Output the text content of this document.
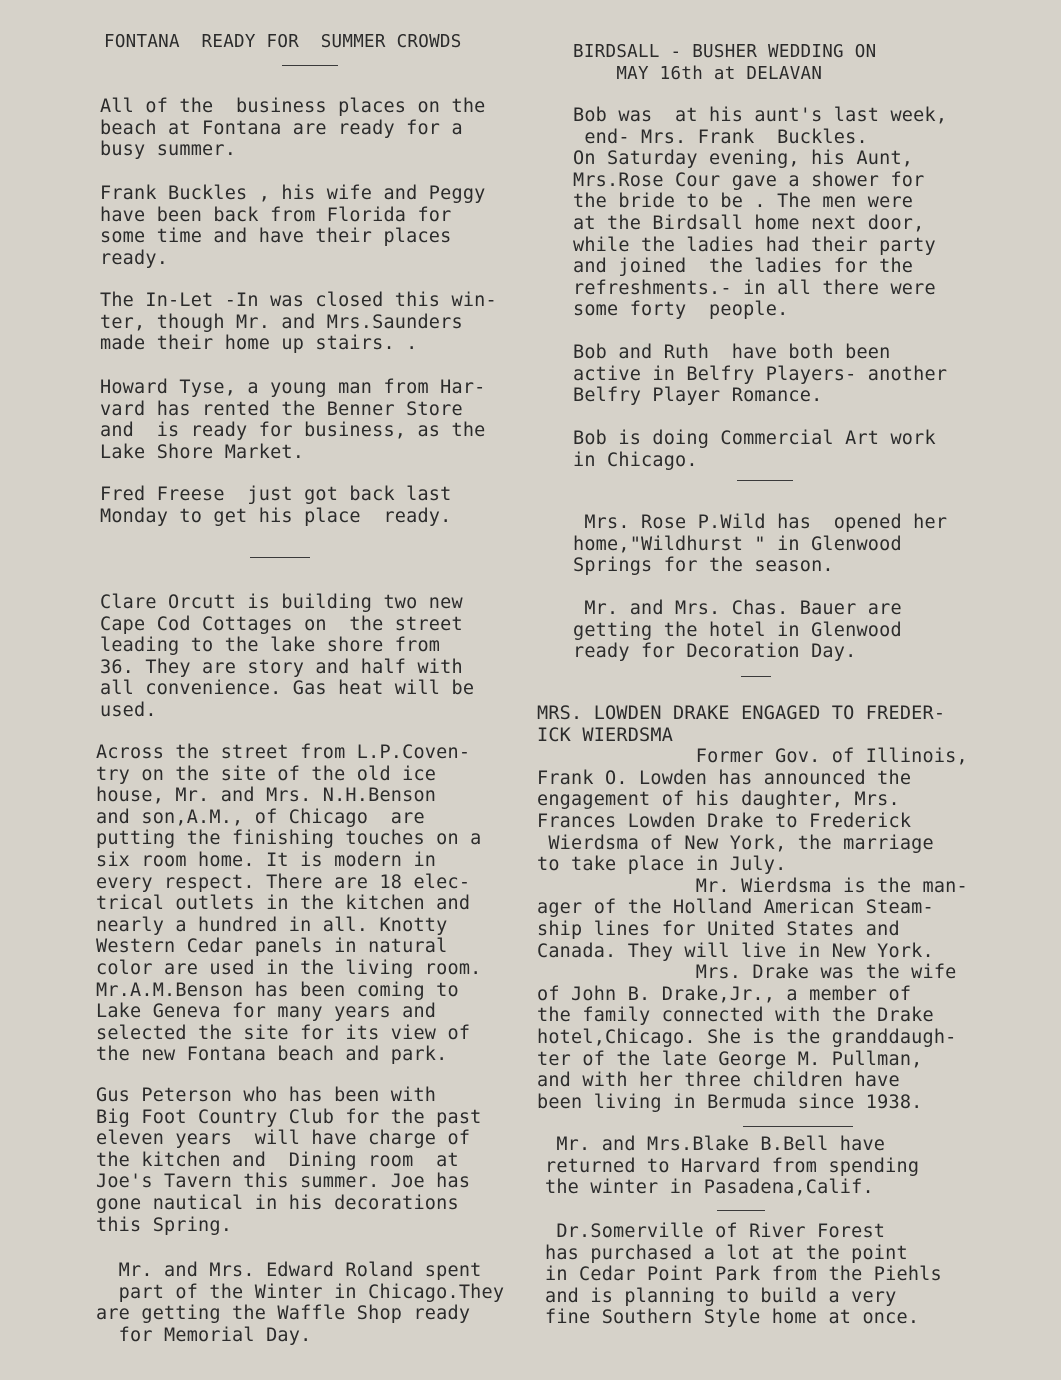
FONTANA  READY FOR  SUMMER CROWDS
All of the  business places on the
beach at Fontana are ready for a
busy summer.
Frank Buckles , his wife and Peggy
have been back from Florida for
some time and have their places
ready.
The In-Let -In was closed this win-
ter, though Mr. and Mrs.Saunders
made their home up stairs. .
Howard Tyse, a young man from Har-
vard has rented the Benner Store
and  is ready for business, as the
Lake Shore Market.
Fred Freese  just got back last
Monday to get his place  ready.
Clare Orcutt is building two new
Cape Cod Cottages on  the street
leading to the lake shore from
36. They are story and half with
all convenience. Gas heat will be
used.
Across the street from L.P.Coven-
try on the site of the old ice
house, Mr. and Mrs. N.H.Benson
and son,A.M., of Chicago  are
putting the finishing touches on a
six room home. It is modern in
every respect. There are 18 elec-
trical outlets in the kitchen and
nearly a hundred in all. Knotty
Western Cedar panels in natural
color are used in the living room.
Mr.A.M.Benson has been coming to
Lake Geneva for many years and
selected the site for its view of
the new Fontana beach and park.
Gus Peterson who has been with
Big Foot Country Club for the past
eleven years  will have charge of
the kitchen and  Dining room  at
Joe's Tavern this summer. Joe has
gone nautical in his decorations
this Spring.
Mr. and Mrs. Edward Roland spent
part of the Winter in Chicago.They
are getting the Waffle Shop ready
for Memorial Day.
BIRDSALL - BUSHER WEDDING ON
MAY 16th at DELAVAN
Bob was  at his aunt's last week,
end- Mrs. Frank  Buckles.
On Saturday evening, his Aunt,
Mrs.Rose Cour gave a shower for
the bride to be . The men were
at the Birdsall home next door,
while the ladies had their party
and joined  the ladies for the
refreshments.- in all there were
some forty  people.
Bob and Ruth  have both been
active in Belfry Players- another
Belfry Player Romance.
Bob is doing Commercial Art work
in Chicago.
Mrs. Rose P.Wild has  opened her
home,"Wildhurst " in Glenwood
Springs for the season.
Mr. and Mrs. Chas. Bauer are
getting the hotel in Glenwood
ready for Decoration Day.
MRS. LOWDEN DRAKE ENGAGED TO FREDER-
ICK WIERDSMA
Former Gov. of Illinois,
Frank O. Lowden has announced the
engagement of his daughter, Mrs.
Frances Lowden Drake to Frederick
Wierdsma of New York, the marriage
to take place in July.
Mr. Wierdsma is the man-
ager of the Holland American Steam-
ship lines for United States and
Canada. They will live in New York.
Mrs. Drake was the wife
of John B. Drake,Jr., a member of
the family connected with the Drake
hotel,Chicago. She is the granddaugh-
ter of the late George M. Pullman,
and with her three children have
been living in Bermuda since 1938.
Mr. and Mrs.Blake B.Bell have
returned to Harvard from spending
the winter in Pasadena,Calif.
Dr.Somerville of River Forest
has purchased a lot at the point
in Cedar Point Park from the Piehls
and is planning to build a very
fine Southern Style home at once.
